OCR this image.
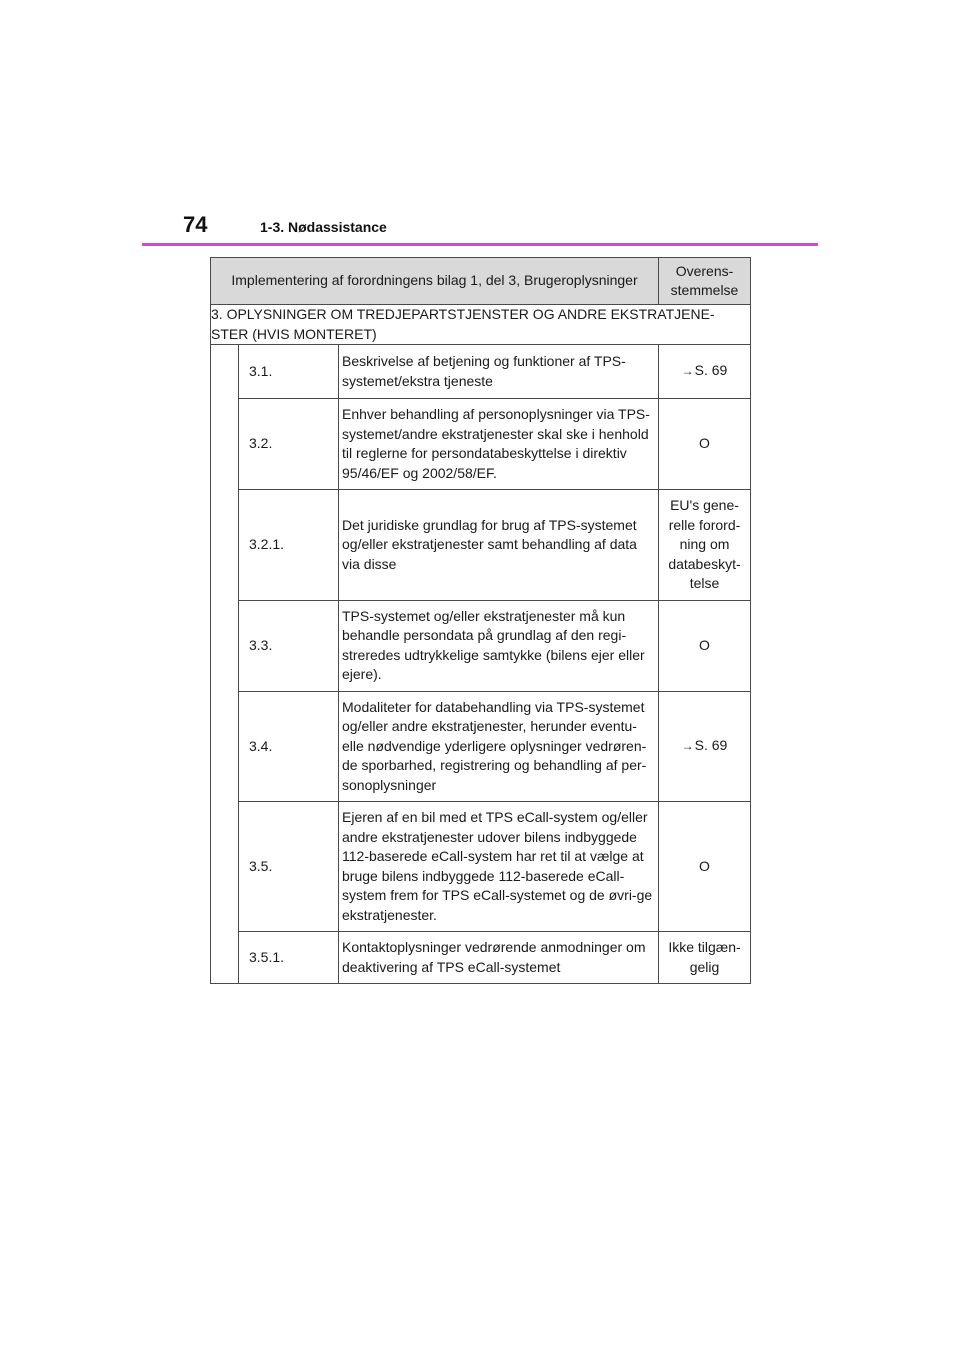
74	1-3. Nødassistance
Implementering af forordningens bilag 1, del 3, Brugeroplysninger			Overens-stemmelse
3. OPLYSNINGER OM TREDJEPARTSTJENSTER OG ANDRE EKSTRATJENE-STER (HVIS MONTERET)			
	3.1.	Beskrivelse af betjening og funktioner af TPS-systemet/ekstra tjeneste	→ S. 69
	3.2.	Enhver behandling af personoplysninger via TPS-systemet/andre ekstratjenester skal ske i henhold til reglerne for persondatabeskyttelse i direktiv 95/46/EF og 2002/58/EF.	O
	3.2.1.	Det juridiske grundlag for brug af TPS-systemet og/eller ekstratjenester samt behandling af data via disse	EU's gene-relle forord-ning om databeskyt-telse
	3.3.	TPS-systemet og/eller ekstratjenester må kun behandle persondata på grundlag af den regi-streredes udtrykkelige samtykke (bilens ejer eller ejere).	O
	3.4.	Modaliteter for databehandling via TPS-systemet og/eller andre ekstratjenester, herunder eventu-elle nødvendige yderligere oplysninger vedrøren-de sporbarhed, registrering og behandling af per-sonoplysninger	→ S. 69
	3.5.	Ejeren af en bil med et TPS eCall-system og/eller andre ekstratjenester udover bilens indbyggede 112-baserede eCall-system har ret til at vælge at bruge bilens indbyggede 112-baserede eCall-system frem for TPS eCall-systemet og de øvri-ge ekstratjenester.	O
	3.5.1.	Kontaktoplysninger vedrørende anmodninger om deaktivering af TPS eCall-systemet	Ikke tilgæn-gelig
